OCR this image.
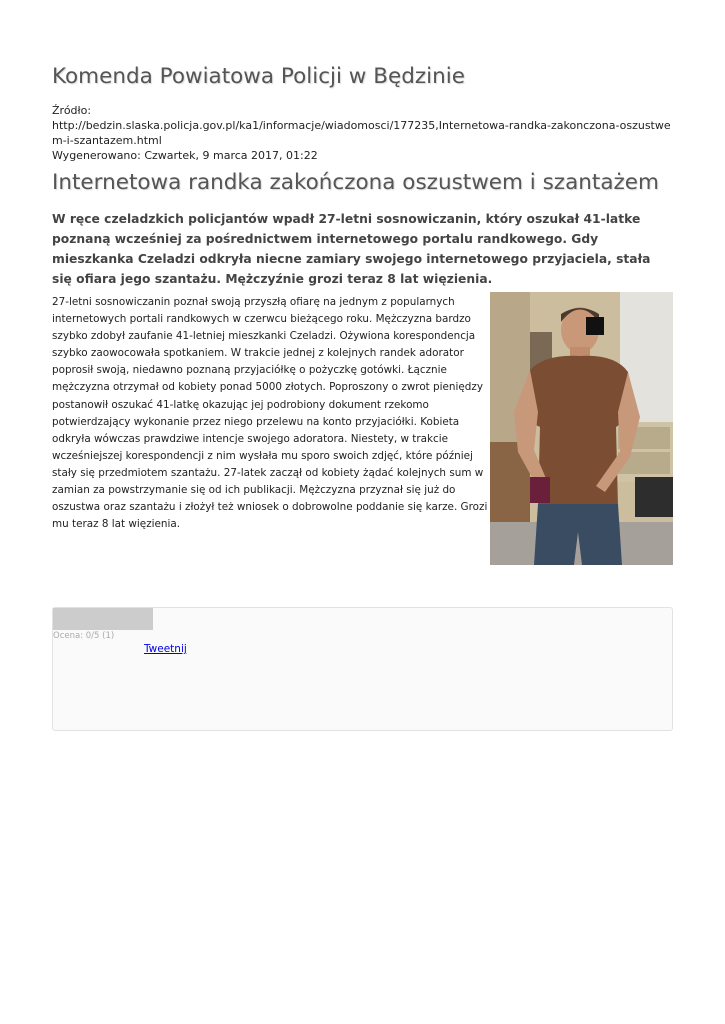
Komenda Powiatowa Policji w Będzinie
Źródło:

http://bedzin.slaska.policja.gov.pl/ka1/informacje/wiadomosci/177235,Internetowa-randka-zakonczona-oszustwem-i-szantazem.html
Wygenerowano: Czwartek, 9 marca 2017, 01:22
Internetowa randka zakończona oszustwem i szantażem

W ręce czeladzkich policjantów wpadł 27-letni sosnowiczanin, który oszukał 41-latke poznaną wcześniej za pośrednictwem internetowego portalu randkowego. Gdy mieszkanka Czeladzi odkryła niecne zamiary swojego internetowego przyjaciela, stała się ofiara jego szantażu. Mężczyźnie grozi teraz 8 lat więzienia.

27-letni sosnowiczanin poznał swoją przyszłą ofiarę na jednym z popularnych internetowych portali randkowych w czerwcu bieżącego roku. Mężczyzna bardzo szybko zdobył zaufanie 41-letniej mieszkanki Czeladzi. Ożywiona korespondencja szybko zaowocowała spotkaniem. W trakcie jednej z kolejnych randek adorator poprosił swoją, niedawno poznaną przyjaciółkę o pożyczkę gotówki. Łącznie mężczyzna otrzymał od kobiety ponad 5000 złotych. Poproszony o zwrot pieniędzy postanowił oszukać 41-latkę okazując jej podrobiony dokument rzekomo potwierdzający wykonanie przez niego przelewu na konto przyjaciółki. Kobieta odkryła wówczas prawdziwe intencje swojego adoratora. Niestety, w trakcie wcześniejszej korespondencji z nim wysłała mu sporo swoich zdjęć, które później stały się przedmiotem szantażu. 27-latek zaczął od kobiety żądać kolejnych sum w zamian za powstrzymanie się od ich publikacji. Mężczyzna przyznał się już do oszustwa oraz szantażu i złożył też wniosek o dobrowolne poddanie się karze. Grozi mu teraz 8 lat więzienia.

Ocena: 0/5 (1)
Tweetnij
